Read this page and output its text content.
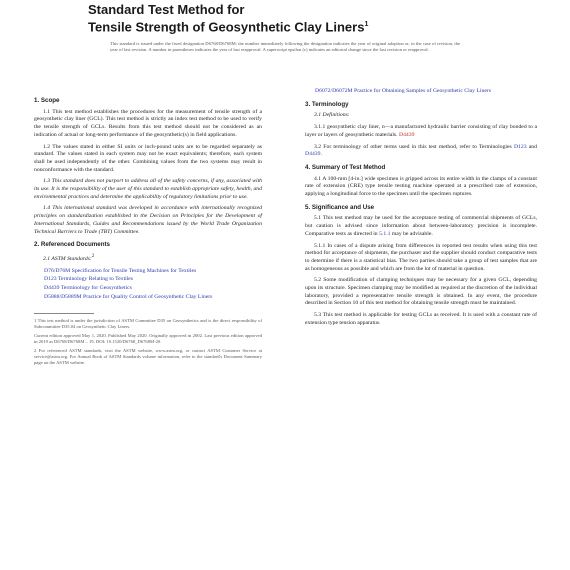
Standard Test Method for
Tensile Strength of Geosynthetic Clay Liners$^1$
This standard is issued under the fixed designation D6768/D6768M; the number immediately following the designation indicates the year of original adoption or, in the case of revision, the year of last revision. A number in parentheses indicates the year of last reapproval. A superscript epsilon (ε) indicates an editorial change since the last revision or reapproval.
1. Scope

1.1 This test method establishes the procedures for the measurement of tensile strength of a geosynthetic clay liner (GCL). This test method is strictly an index test method to be used to verify the tensile strength of GCLs. Results from this test method should not be considered as an indication of actual or long-term performance of the geosynthetic(s) in field applications.

1.2 The values stated in either SI units or inch-pound units are to be regarded separately as standard. The values stated in each system may not be exact equivalents; therefore, each system shall be used independently of the other. Combining values from the two systems may result in nonconformance with the standard.

1.3 This standard does not purport to address all of the safety concerns, if any, associated with its use. It is the responsibility of the user of this standard to establish appropriate safety, health, and environmental practices and determine the applicability of regulatory limitations prior to use.

1.4 This international standard was developed in accordance with internationally recognized principles on standardization established in the Decision on Principles for the Development of International Standards, Guides and Recommendations issued by the World Trade Organization Technical Barriers to Trade (TBT) Committee.

2. Referenced Documents

2.1 ASTM Standards:$^2$

D76/D76M Specification for Tensile Testing Machines for Textiles
D123 Terminology Relating to Textiles
D4439 Terminology for Geosynthetics
D5888/D5889M Practice for Quality Control of Geosynthetic Clay Liners

1 This test method is under the jurisdiction of ASTM Committee D35 on Geosynthetics and is the direct responsibility of Subcommittee D35.04 on Geosynthetic Clay Liners.

Current edition approved May 1, 2020. Published May 2020. Originally approved in 2002. Last previous edition approved in 2019 as D6768/D6768M – 19. DOI: 10.1520/D6768_D6768M-20.

2 For referenced ASTM standards, visit the ASTM website, www.astm.org, or contact ASTM Customer Service at service@astm.org. For Annual Book of ASTM Standards volume information, refer to the standard's Document Summary page on the ASTM website.

D6072/D6072M Practice for Obtaining Samples of Geosynthetic Clay Liners
3. Terminology

3.1 Definitions:

3.1.1 geosynthetic clay liner, n—a manufactured hydraulic barrier consisting of clay bonded to a layer or layers of geosynthetic materials. D4439

3.2 For terminology of other terms used in this test method, refer to Terminologies D123 and D4439.

4. Summary of Test Method

4.1 A 100-mm [4-in.] wide specimen is gripped across its entire width in the clamps of a constant rate of extension (CRE) type tensile testing machine operated at a prescribed rate of extension, applying a longitudinal force to the specimen until the specimen ruptures.

5. Significance and Use

5.1 This test method may be used for the acceptance testing of commercial shipments of GCLs, but caution is advised since information about between-laboratory precision is incomplete. Comparative tests as directed in 5.1.1 may be advisable.

5.1.1 In cases of a dispute arising from differences in reported test results when using this test method for acceptance of shipments, the purchaser and the supplier should conduct comparative tests to determine if there is a statistical bias. The two parties should take a group of test samples that are as homogeneous as possible and which are from the lot of material in question.

5.2 Some modification of clamping techniques may be necessary for a given GCL, depending upon its structure. Specimen clamping may be modified as required at the discretion of the individual laboratory, provided a representative tensile strength is obtained. In any event, the procedure described in Section 10 of this test method for obtaining tensile strength must be maintained.

5.3 This test method is applicable for testing GCLs as received. It is used with a constant rate of extension type tension apparatus.
